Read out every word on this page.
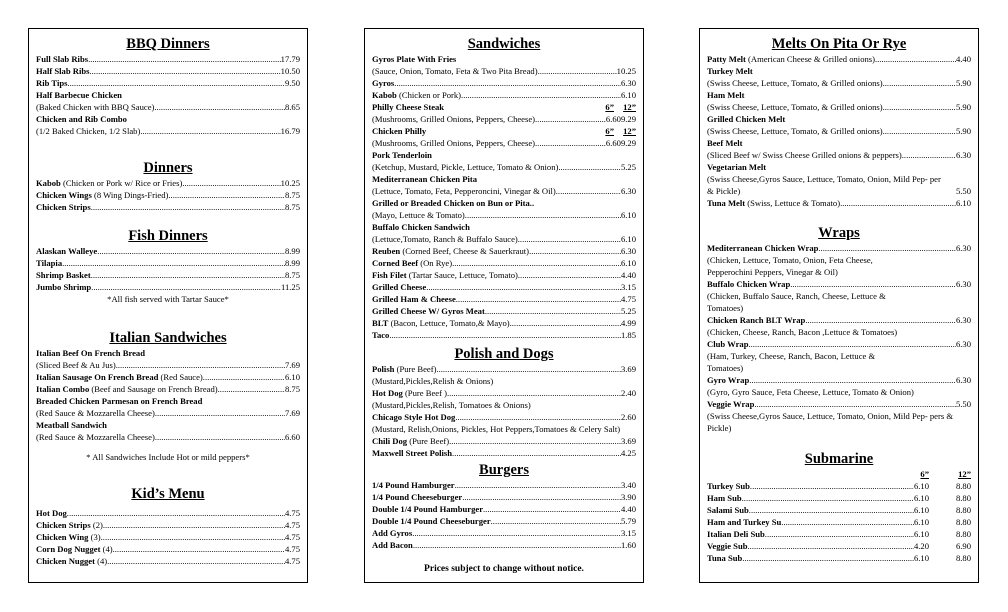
BBQ Dinners
Full Slab Ribs .....	17.79
Half Slab Ribs .....	10.50
Rib Tips .....	9.50
Half Barbecue Chicken
(Baked Chicken with BBQ Sauce) .....	8.65
Chicken and Rib Combo
(1/2 Baked Chicken, 1/2 Slab) .....	16.79
Dinners
Kabob (Chicken or Pork w/ Rice or Fries) .....	10.25
Chicken Wings (8 Wing Dings-Fried) .....	8.75
Chicken Strips .....	8.75
Fish Dinners
Alaskan Walleye .....	8.99
Tilapia .....	8.99
Shrimp Basket .....	8.75
Jumbo Shrimp .....	11.25
*All fish served with Tartar Sauce*
Italian Sandwiches
Italian Beef On French Bread
(Sliced Beef & Au Jus) .....	7.69
Italian Sausage On French Bread (Red Sauce) .....	6.10
Italian Combo (Beef and Sausage on French Bread) .....	8.75
Breaded Chicken Parmesan on French Bread
(Red Sauce & Mozzarella Cheese) .....	7.69
Meatball Sandwich
(Red Sauce & Mozzarella Cheese) .....	6.60
* All Sandwiches Include Hot or mild peppers*
Kid’s Menu
Hot Dog .....	4.75
Chicken Strips (2) .....	4.75
Chicken Wing (3) .....	4.75
Corn Dog Nugget (4) .....	4.75
Chicken Nugget (4) .....	4.75
Sandwiches
Gyros Plate With Fries
(Sauce, Onion, Tomato, Feta & Two Pita Bread) .....	10.25
Gyros .....	6.30
Kabob (Chicken or Pork) .....	6.10
Philly Cheese Steak	6”	12”
(Mushrooms, Grilled Onions, Peppers, Cheese) .....	6.60 9.29
Chicken Philly	6”	12”
(Mushrooms, Grilled Onions, Peppers, Cheese) .....	6.60 9.29
Pork Tenderloin
(Ketchup, Mustard, Pickle, Lettuce, Tomato & Onion) .....	5.25
Mediterranean Chicken Pita
(Lettuce, Tomato, Feta, Pepperoncini, Vinegar & Oil) .....	6.30
Grilled or Breaded Chicken on Bun or Pita..
(Mayo, Lettuce & Tomato) .....	6.10
Buffalo Chicken Sandwich
(Lettuce,Tomato, Ranch & Buffalo Sauce) .....	6.10
Reuben (Corned Beef, Cheese & Sauerkraut) .....	6.30
Corned Beef (On Rye) .....	6.10
Fish Filet (Tartar Sauce, Lettuce, Tomato) .....	4.40
Grilled Cheese .....	3.15
Grilled Ham & Cheese .....	4.75
Grilled Cheese W/ Gyros Meat .....	5.25
BLT (Bacon, Lettuce, Tomato,& Mayo) .....	4.99
Taco .....	1.85
Polish and Dogs
Polish (Pure Beef) .....	3.69
(Mustard,Pickles,Relish & Onions)
Hot Dog (Pure Beef ) .....	2.40
(Mustard,Pickles,Relish, Tomatoes & Onions)
Chicago Style Hot Dog .....	2.60
(Mustard, Relish,Onions, Pickles, Hot Peppers,Tomatoes & Celery Salt)
Chili Dog (Pure Beef) .....	3.69
Maxwell Street Polish .....	4.25
Burgers
1/4 Pound Hamburger .....	3.40
1/4 Pound Cheeseburger .....	3.90
Double 1/4 Pound Hamburger .....	4.40
Double 1/4 Pound Cheeseburger .....	5.79
Add Gyros .....	3.15
Add Bacon .....	1.60
Prices subject to change without notice.
Melts On Pita Or Rye
Patty Melt (American Cheese & Grilled onions) .....	4.40
Turkey Melt
(Swiss Cheese, Lettuce, Tomato, & Grilled onions) .....	5.90
Ham Melt
(Swiss Cheese, Lettuce, Tomato, & Grilled onions) .....	5.90
Grilled Chicken Melt
(Swiss Cheese, Lettuce, Tomato, & Grilled onions) .....	5.90
Beef Melt
(Sliced Beef w/ Swiss Cheese Grilled onions & peppers) .....	6.30
Vegetarian Melt
(Swiss Cheese,Gyros Sauce, Lettuce, Tomato, Onion, Mild Pep- per & Pickle)	5.50
Tuna Melt (Swiss, Lettuce & Tomato) .....	6.10
Wraps
Mediterranean Chicken Wrap .....	6.30
(Chicken, Lettuce, Tomato, Onion, Feta Cheese, Pepperochini Peppers, Vinegar & Oil)
Buffalo Chicken Wrap .....	6.30
(Chicken, Buffalo Sauce, Ranch, Cheese, Lettuce & Tomatoes)
Chicken Ranch BLT Wrap .....	6.30
(Chicken, Cheese, Ranch, Bacon ,Lettuce & Tomatoes)
Club Wrap .....	6.30
(Ham, Turkey, Cheese, Ranch, Bacon, Lettuce & Tomatoes)
Gyro Wrap .....	6.30
(Gyro, Gyro Sauce, Feta Cheese, Lettuce, Tomato & Onion)
Veggie Wrap .....	5.50
(Swiss Cheese,Gyros Sauce, Lettuce, Tomato, Onion, Mild Pep- pers & Pickle)
Submarine
6”	12”
Turkey Sub .....	6.10	8.80
Ham Sub .....	6.10	8.80
Salami Sub .....	6.10	8.80
Ham and Turkey Su .....	6.10	8.80
Italian Deli Sub .....	6.10	8.80
Veggie Sub .....	4.20	6.90
Tuna Sub .....	6.10	8.80
